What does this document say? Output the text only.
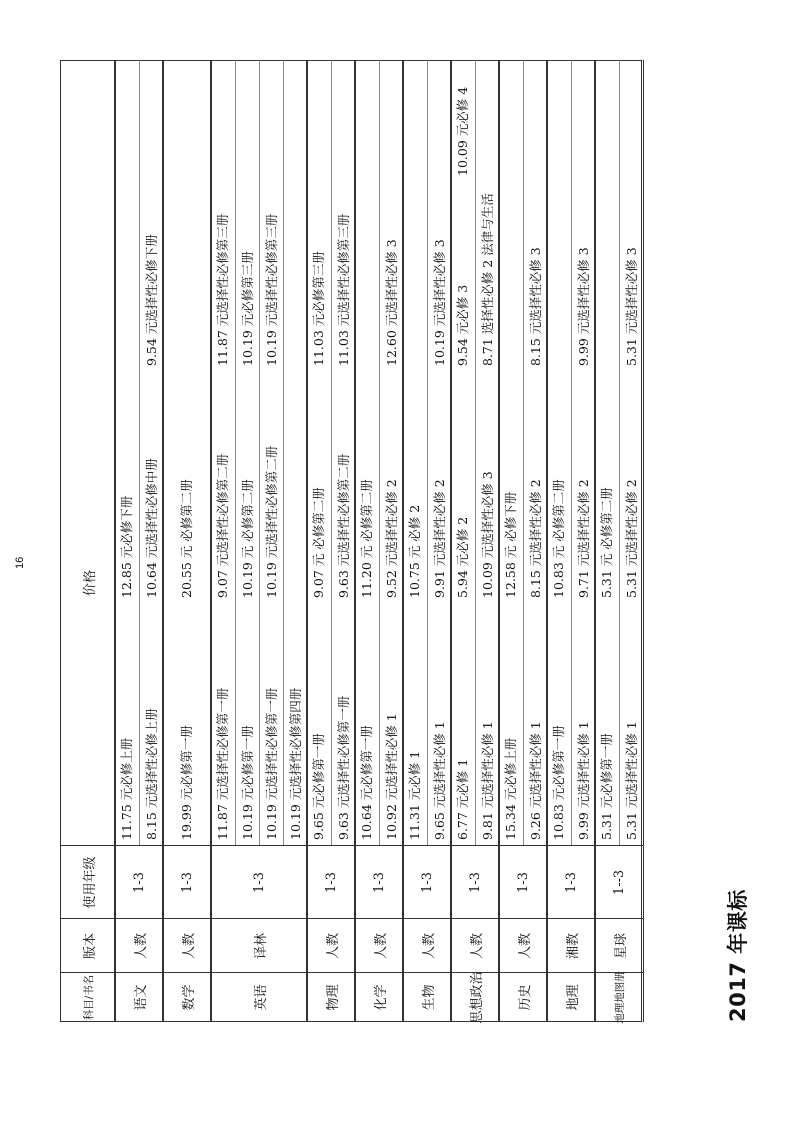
2017 年课标
科目/书名
版本
使用年级
价格
语文
人教
1-3
11.75 元必修上册
12.85 元必修下册
8.15 元选择性必修上册
10.64 元选择性必修中册
9.54 元选择性必修下册
数学
人教
1-3
19.99 元必修第一册
20.55 元 必修第二册
英语
译林
1-3
11.87 元选择性必修第一册
9.07 元选择性必修第二册
11.87 元选择性必修第三册
10.19 元必修第一册
10.19 元 必修第二册
10.19 元必修第三册
10.19 元选择性必修第一册
10.19 元选择性必修第二册
10.19 元选择性必修第三册
10.19 元选择性必修第四册
物理
人教
1-3
9.65 元必修第一册
9.07 元 必修第二册
11.03 元必修第三册
9.63 元选择性必修第一册
9.63 元选择性必修第二册
11.03 元选择性必修第三册
化学
人教
1-3
10.64 元必修第一册
11.20 元 必修第二册
10.92 元选择性必修 1
9.52 元选择性必修 2
12.60 元选择性必修 3
生物
人教
1-3
11.31 元必修 1
10.75 元 必修 2
9.65 元选择性必修 1
9.91 元选择性必修 2
10.19 元选择性必修 3
思想政治
人教
1-3
6.77 元必修 1
5.94 元必修 2
9.54 元必修 3
10.09 元必修 4
9.81 元选择性必修 1
10.09 元选择性必修 3
8.71 选择性必修 2 法律与生活
历史
人教
1-3
15.34 元必修上册
12.58 元 必修下册
9.26 元选择性必修 1
8.15 元选择性必修 2
8.15 元选择性必修 3
地理
湘教
1-3
10.83 元必修第一册
10.83 元 必修第二册
9.99 元选择性必修 1
9.71 元选择性必修 2
9.99 元选择性必修 3
地理地图册
星球
1--3
5.31 元必修第一册
5.31 元 必修第二册
5.31 元选择性必修 1
5.31 元选择性必修 2
5.31 元选择性必修 3
16
